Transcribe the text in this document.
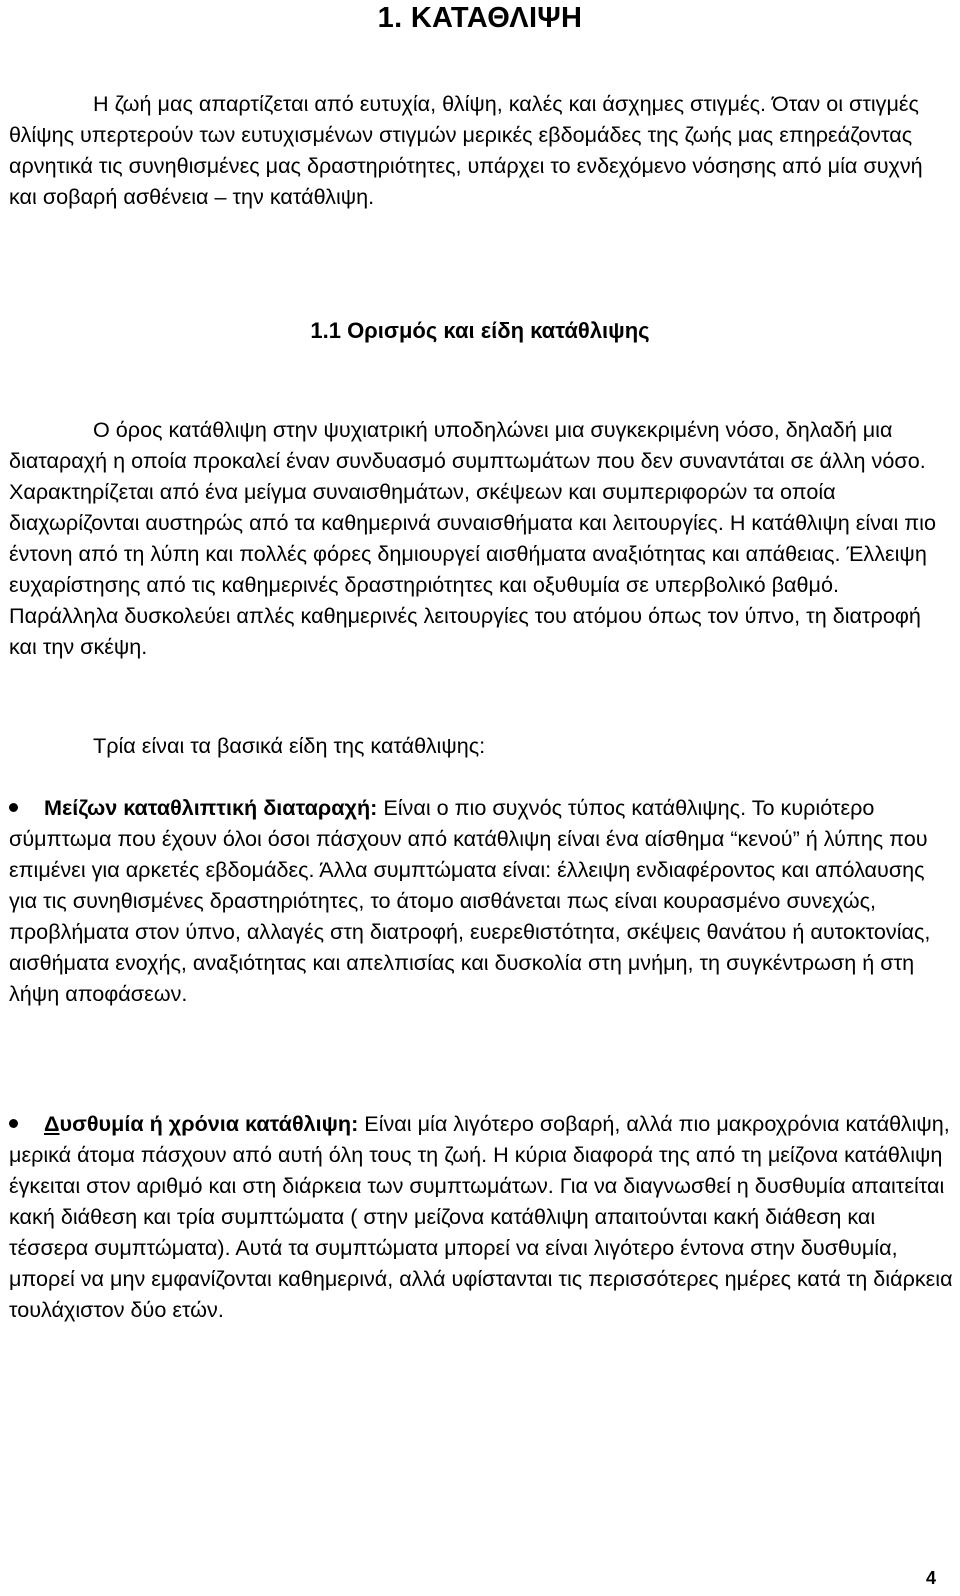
1. ΚΑΤΑΘΛΙΨΗ

Η ζωή μας απαρτίζεται από ευτυχία, θλίψη, καλές και άσχημες στιγμές. Όταν οι στιγμές θλίψης υπερτερούν των ευτυχισμένων στιγμών μερικές εβδομάδες της ζωής μας επηρεάζοντας αρνητικά τις συνηθισμένες μας δραστηριότητες, υπάρχει το ενδεχόμενο νόσησης από μία συχνή και σοβαρή ασθένεια – την κατάθλιψη.

1.1 Ορισμός και είδη κατάθλιψης

Ο όρος κατάθλιψη στην ψυχιατρική υποδηλώνει μια συγκεκριμένη νόσο, δηλαδή μια διαταραχή η οποία προκαλεί έναν συνδυασμό συμπτωμάτων που δεν συναντάται σε άλλη νόσο. Χαρακτηρίζεται από ένα μείγμα συναισθημάτων, σκέψεων και συμπεριφορών τα οποία διαχωρίζονται αυστηρώς από τα καθημερινά συναισθήματα και λειτουργίες. Η κατάθλιψη είναι πιο έντονη από τη λύπη και πολλές φόρες δημιουργεί αισθήματα αναξιότητας και απάθειας. Έλλειψη ευχαρίστησης από τις καθημερινές δραστηριότητες και οξυθυμία σε υπερβολικό βαθμό. Παράλληλα δυσκολεύει απλές καθημερινές λειτουργίες του ατόμου όπως τον ύπνο, τη διατροφή και την σκέψη.

Τρία είναι τα βασικά είδη της κατάθλιψης:

Μείζων καταθλιπτική διαταραχή: Είναι ο πιο συχνός τύπος κατάθλιψης. Το κυριότερο σύμπτωμα που έχουν όλοι όσοι πάσχουν από κατάθλιψη είναι ένα αίσθημα “κενού” ή λύπης που επιμένει για αρκετές εβδομάδες. Άλλα συμπτώματα είναι: έλλειψη ενδιαφέροντος και απόλαυσης για τις συνηθισμένες δραστηριότητες, το άτομο αισθάνεται πως είναι κουρασμένο συνεχώς, προβλήματα στον ύπνο, αλλαγές στη διατροφή, ευερεθιστότητα, σκέψεις θανάτου ή αυτοκτονίας, αισθήματα ενοχής, αναξιότητας και απελπισίας και δυσκολία στη μνήμη, τη συγκέντρωση ή στη λήψη αποφάσεων.

Δυσθυμία ή χρόνια κατάθλιψη: Είναι μία λιγότερο σοβαρή, αλλά πιο μακροχρόνια κατάθλιψη, μερικά άτομα πάσχουν από αυτή όλη τους τη ζωή. Η κύρια διαφορά της από τη μείζονα κατάθλιψη έγκειται στον αριθμό και στη διάρκεια των συμπτωμάτων. Για να διαγνωσθεί η δυσθυμία απαιτείται κακή διάθεση και τρία συμπτώματα ( στην μείζονα κατάθλιψη απαιτούνται κακή διάθεση και τέσσερα συμπτώματα). Αυτά τα συμπτώματα μπορεί να είναι λιγότερο έντονα στην δυσθυμία, μπορεί να μην εμφανίζονται καθημερινά, αλλά υφίστανται τις περισσότερες ημέρες κατά τη διάρκεια τουλάχιστον δύο ετών.

4
